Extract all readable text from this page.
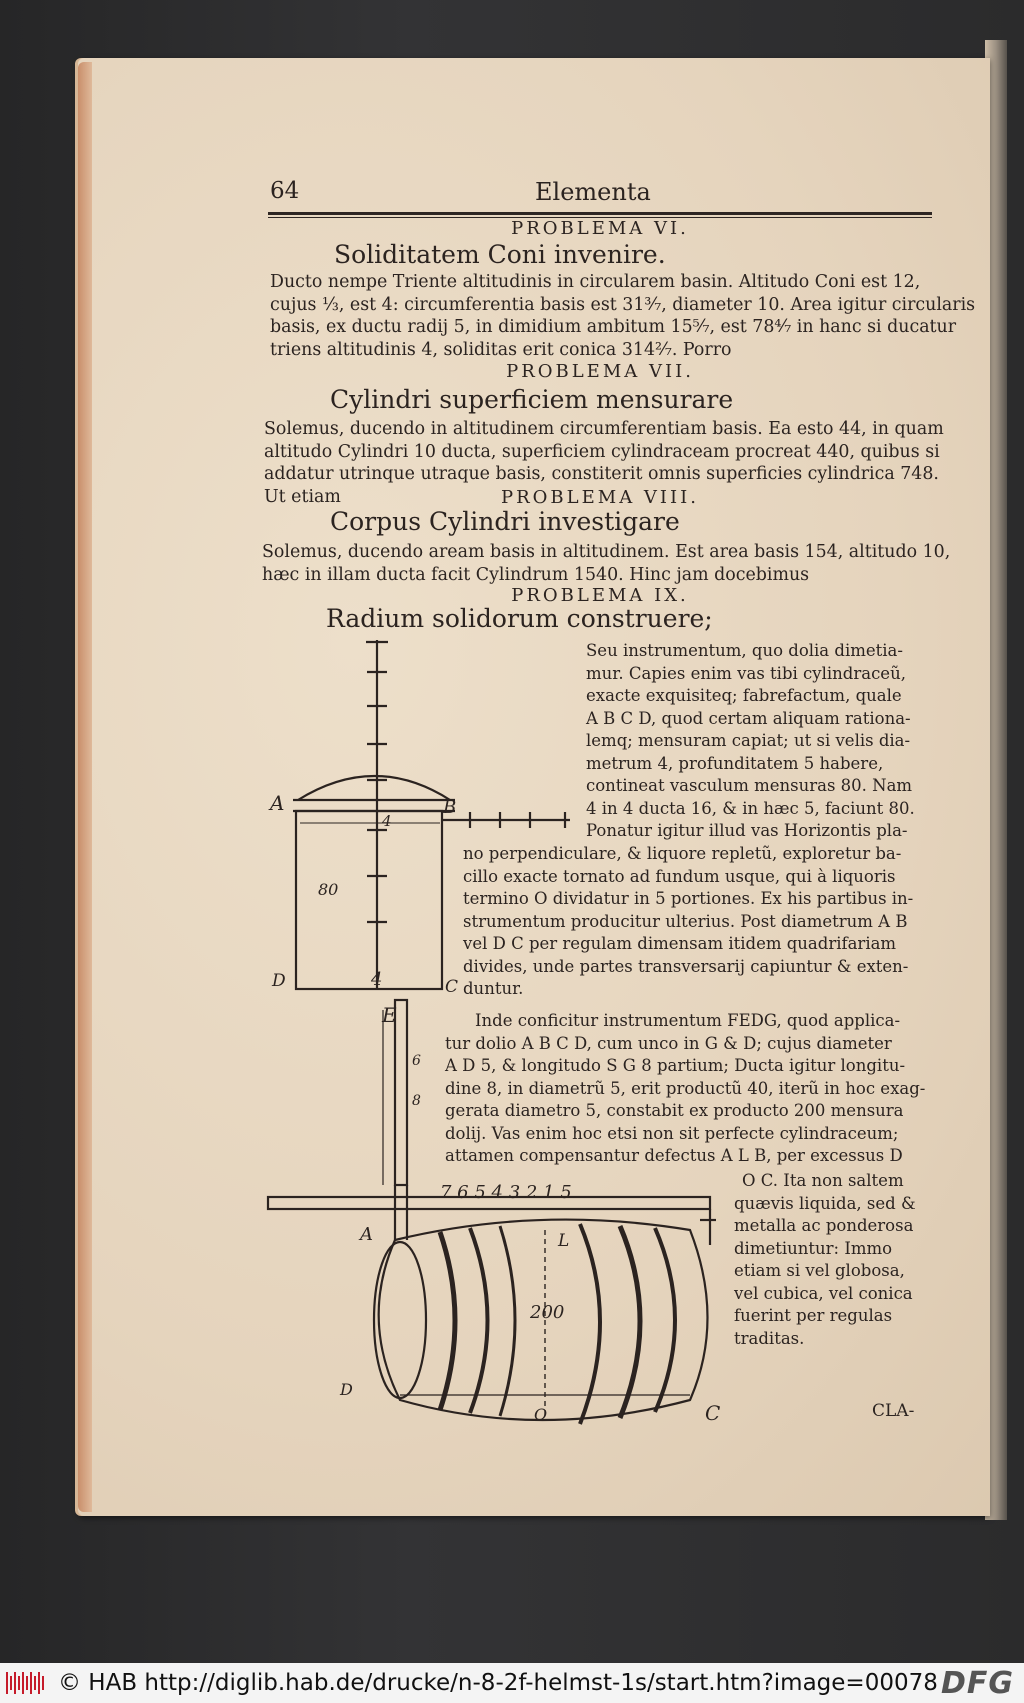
64	Elementa
PROBLEMA VI.
Soliditatem Coni invenire.
Ducto nempe Triente altitudinis in circularem basin. Altitudo Coni est 12,
cujus ⅓, est 4: circumferentia basis est 31³⁄₇, diameter 10. Area igitur circularis
basis, ex ductu radij 5, in dimidium ambitum 15⁵⁄₇, est 78⁴⁄₇ in hanc si ducatur
triens altitudinis 4, soliditas erit conica 314²⁄₇. Porro
PROBLEMA VII.
Cylindri superficiem mensurare
Solemus, ducendo in altitudinem circumferentiam basis. Ea esto 44, in quam
altitudo Cylindri 10 ducta, superficiem cylindraceam procreat 440, quibus si
addatur utrinque utraque basis, constiterit omnis superficies cylindrica 748.
Ut etiam	PROBLEMA VIII.
Corpus Cylindri investigare
Solemus, ducendo aream basis in altitudinem. Est area basis 154, altitudo 10,
hæc in illam ducta facit Cylindrum 1540. Hinc jam docebimus
PROBLEMA IX.
Radium solidorum construere;
Seu instrumentum, quo dolia dimetia-
mur. Capies enim vas tibi cylindraceũ,
exacte exquisiteq; fabrefactum, quale
A B C D, quod certam aliquam rationa-
lemq; mensuram capiat; ut si velis dia-
metrum 4, profunditatem 5 habere,
contineat vasculum mensuras 80. Nam
4 in 4 ducta 16, & in hæc 5, faciunt 80.
Ponatur igitur illud vas Horizontis pla-
no perpendiculare, & liquore repletũ, exploretur ba-
cillo exacte tornato ad fundum usque, qui à liquoris
termino O dividatur in 5 portiones. Ex his partibus in-
strumentum producitur ulterius. Post diametrum A B
vel D C per regulam dimensam itidem quadrifariam
divides, unde partes transversarij capiuntur & exten-
duntur.
Inde conficitur instrumentum FEDG, quod applica-
tur dolio A B C D, cum unco in G & D; cujus diameter
A D 5, & longitudo S G 8 partium; Ducta igitur longitu-
dine 8, in diametrũ 5, erit productũ 40, iterũ in hoc exag-
gerata diametro 5, constabit ex producto 200 mensura
dolij. Vas enim hoc etsi non sit perfecte cylindraceum;
attamen compensantur defectus A L B, per excessus D
O C. Ita non saltem
quævis liquida, sed &
metalla ac ponderosa
dimetiuntur: Immo
etiam si vel globosa,
vel cubica, vel conica
fuerint per regulas
traditas.
CLA-
A	B
80
D	C
4
4
E
6
8
7 6 5 4 3 2 1 5
A	L
200
O	C
D
© HAB http://diglib.hab.de/drucke/n-8-2f-helmst-1s/start.htm?image=00078 DFG
